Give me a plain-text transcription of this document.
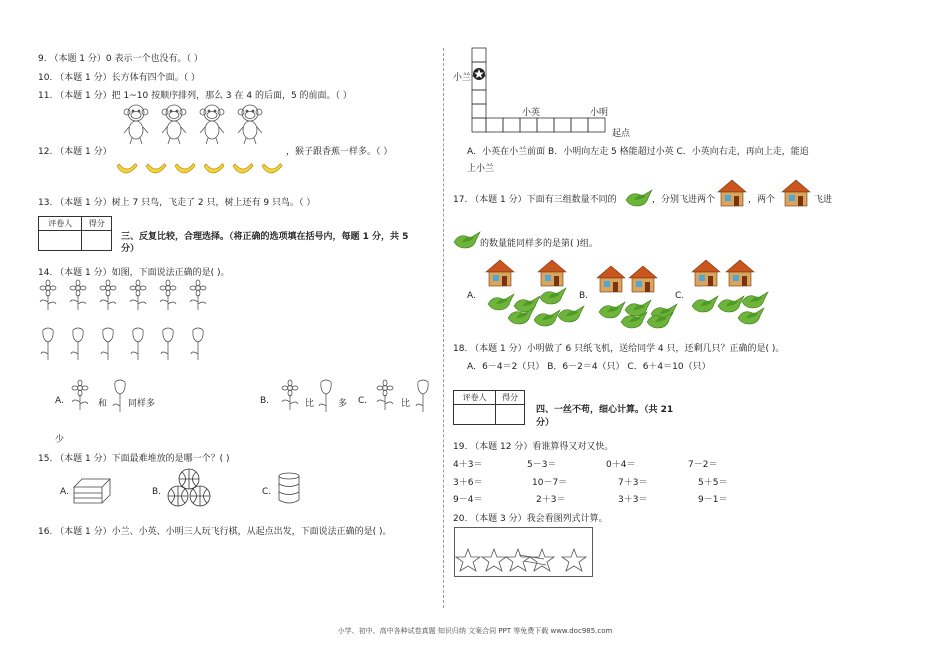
9. （本题 1 分）0 表示一个也没有。（ ）
10. （本题 1 分）长方体有四个面。（ ）
11. （本题 1 分）把 1~10 按顺序排列，那么 3 在 4 的后面，5 的前面。（ ）
12. （本题 1 分）	，猴子跟香蕉一样多。（ ）
13. （本题 1 分）树上 7 只鸟，飞走了 2 只，树上还有 9 只鸟。（ ）
评卷人	得分

三、反复比较，合理选择。（将正确的选项填在括号内，每题 1 分，共 5
分）
14. （本题 1 分）如图，下面说法正确的是( )。
A.	和 同样多	B.	比	多 C.	比
少
15. （本题 1 分）下面最难堆放的是哪一个？( )
A.	B.	C.
16. （本题 1 分）小兰、小英、小明三人玩飞行棋，从起点出发，下面说法正确的是( )。
小兰
小英	小明
起点
A．小英在小兰前面 B．小明向左走 5 格能超过小英 C．小英向右走，再向上走，能追
上小兰
17. （本题 1 分）下面有三组数量不同的	，分别飞进两个	，两个	飞进
的数量能同样多的是第( )组。
A.	B.	C.
18. （本题 1 分）小明做了 6 只纸飞机，送给同学 4 只，还剩几只？正确的是( )。
A．6－4＝2（只） B．6－2＝4（只） C．6＋4＝10（只）
评卷人	得分

四、一丝不苟，细心计算。（共 21
分）
19. （本题 12 分）看谁算得又对又快。
4＋3＝	5－3＝	0＋4＝	7－2＝
3＋6＝	10－7＝	7＋3＝	5＋5＝
9－4＝	2＋3＝	3＋3＝	9－1＝
20. （本题 3 分）我会看图列式计算。
小学、初中、高中各种试卷真题 知识归纳 文案合同 PPT 等免费下载 www.doc985.com
